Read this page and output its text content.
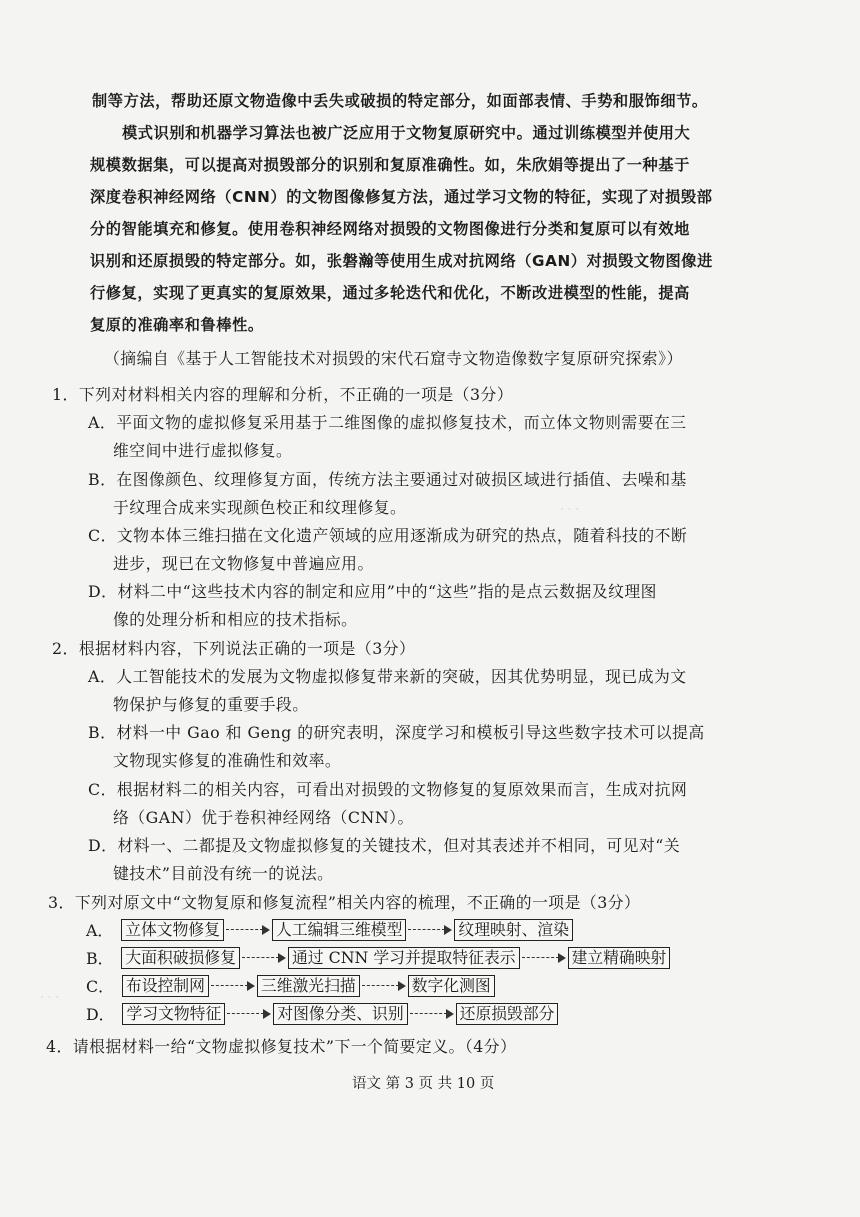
· · ·
· · ·
制等方法，帮助还原文物造像中丢失或破损的特定部分，如面部表情、手势和服饰细节。
模式识别和机器学习算法也被广泛应用于文物复原研究中。通过训练模型并使用大
规模数据集，可以提高对损毁部分的识别和复原准确性。如，朱欣娟等提出了一种基于
深度卷积神经网络（CNN）的文物图像修复方法，通过学习文物的特征，实现了对损毁部
分的智能填充和修复。使用卷积神经网络对损毁的文物图像进行分类和复原可以有效地
识别和还原损毁的特定部分。如，张磐瀚等使用生成对抗网络（GAN）对损毁文物图像进
行修复，实现了更真实的复原效果，通过多轮迭代和优化，不断改进模型的性能，提高
复原的准确率和鲁棒性。
（摘编自《基于人工智能技术对损毁的宋代石窟寺文物造像数字复原研究探索》）
1．下列对材料相关内容的理解和分析，不正确的一项是（3分）
A．平面文物的虚拟修复采用基于二维图像的虚拟修复技术，而立体文物则需要在三
维空间中进行虚拟修复。
B．在图像颜色、纹理修复方面，传统方法主要通过对破损区域进行插值、去噪和基
于纹理合成来实现颜色校正和纹理修复。
C．文物本体三维扫描在文化遗产领域的应用逐渐成为研究的热点，随着科技的不断
进步，现已在文物修复中普遍应用。
D．材料二中“这些技术内容的制定和应用”中的“这些”指的是点云数据及纹理图
像的处理分析和相应的技术指标。
2．根据材料内容，下列说法正确的一项是（3分）
A．人工智能技术的发展为文物虚拟修复带来新的突破，因其优势明显，现已成为文
物保护与修复的重要手段。
B．材料一中 Gao 和 Geng 的研究表明，深度学习和模板引导这些数字技术可以提高
文物现实修复的准确性和效率。
C．根据材料二的相关内容，可看出对损毁的文物修复的复原效果而言，生成对抗网
络（GAN）优于卷积神经网络（CNN）。
D．材料一、二都提及文物虚拟修复的关键技术，但对其表述并不相同，可见对“关
键技术”目前没有统一的说法。
3．下列对原文中“文物复原和修复流程”相关内容的梳理，不正确的一项是（3分）
A． 立体文物修复	人工编辑三维模型	纹理映射、渲染
B． 大面积破损修复	通过 CNN 学习并提取特征表示	建立精确映射
C． 布设控制网	三维激光扫描	数字化测图
D． 学习文物特征	对图像分类、识别	还原损毁部分
4．请根据材料一给“文物虚拟修复技术”下一个简要定义。（4分）
语文 第 3 页 共 10 页
